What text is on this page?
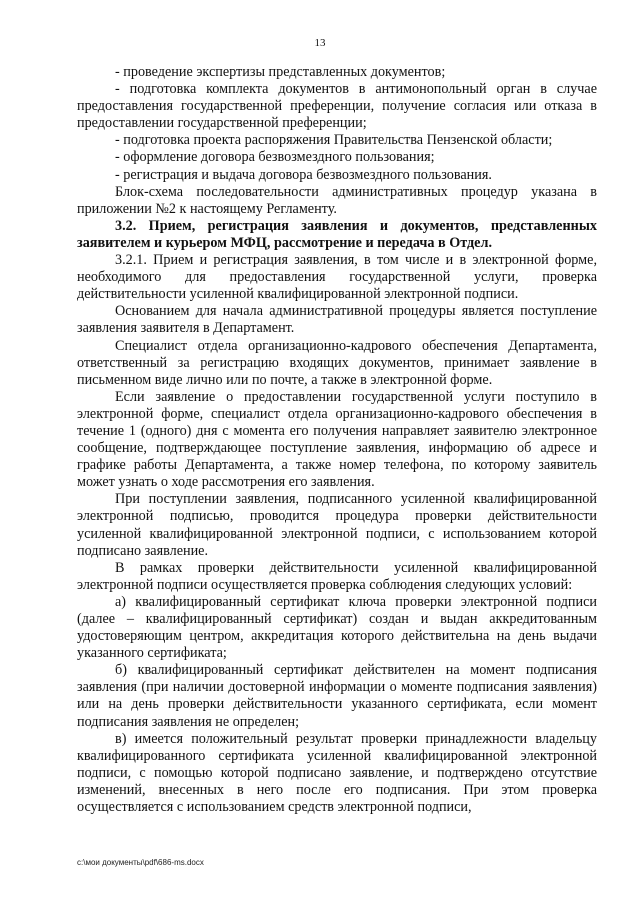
13

- проведение экспертизы представленных документов;

- подготовка комплекта документов в антимонопольный орган в случае предоставления государственной преференции, получение согласия или отказа в предоставлении государственной преференции;

- подготовка проекта распоряжения Правительства Пензенской области;

- оформление договора безвозмездного пользования;

- регистрация и выдача договора безвозмездного пользования.

Блок-схема последовательности административных процедур указана в приложении №2 к настоящему Регламенту.

3.2. Прием, регистрация заявления и документов, представленных заявителем и курьером МФЦ, рассмотрение и передача в Отдел.

3.2.1. Прием и регистрация заявления, в том числе и в электронной форме, необходимого для предоставления государственной услуги, проверка действительности усиленной квалифицированной электронной подписи.

Основанием для начала административной процедуры является поступление заявления заявителя в Департамент.

Специалист отдела организационно-кадрового обеспечения Департамента, ответственный за регистрацию входящих документов, принимает заявление в письменном виде лично или по почте, а также в электронной форме.

Если заявление о предоставлении государственной услуги поступило в электронной форме, специалист отдела организационно-кадрового обеспечения в течение 1 (одного) дня с момента его получения направляет заявителю электронное сообщение, подтверждающее поступление заявления, информацию об адресе и графике работы Департамента, а также номер телефона, по которому заявитель может узнать о ходе рассмотрения его заявления.

При поступлении заявления, подписанного усиленной квалифицированной электронной подписью, проводится процедура проверки действительности усиленной квалифицированной электронной подписи, с использованием которой подписано заявление.

В рамках проверки действительности усиленной квалифицированной электронной подписи осуществляется проверка соблюдения следующих условий:

а) квалифицированный сертификат ключа проверки электронной подписи (далее – квалифицированный сертификат) создан и выдан аккредитованным удостоверяющим центром, аккредитация которого действительна на день выдачи указанного сертификата;

б) квалифицированный сертификат действителен на момент подписания заявления (при наличии достоверной информации о моменте подписания заявления) или на день проверки действительности указанного сертификата, если момент подписания заявления не определен;

в) имеется положительный результат проверки принадлежности владельцу квалифицированного сертификата усиленной квалифицированной электронной подписи, с помощью которой подписано заявление, и подтверждено отсутствие изменений, внесенных в него после его подписания. При этом проверка осуществляется с использованием средств электронной подписи,

c:\мои документы\pdf\686-ms.docx
